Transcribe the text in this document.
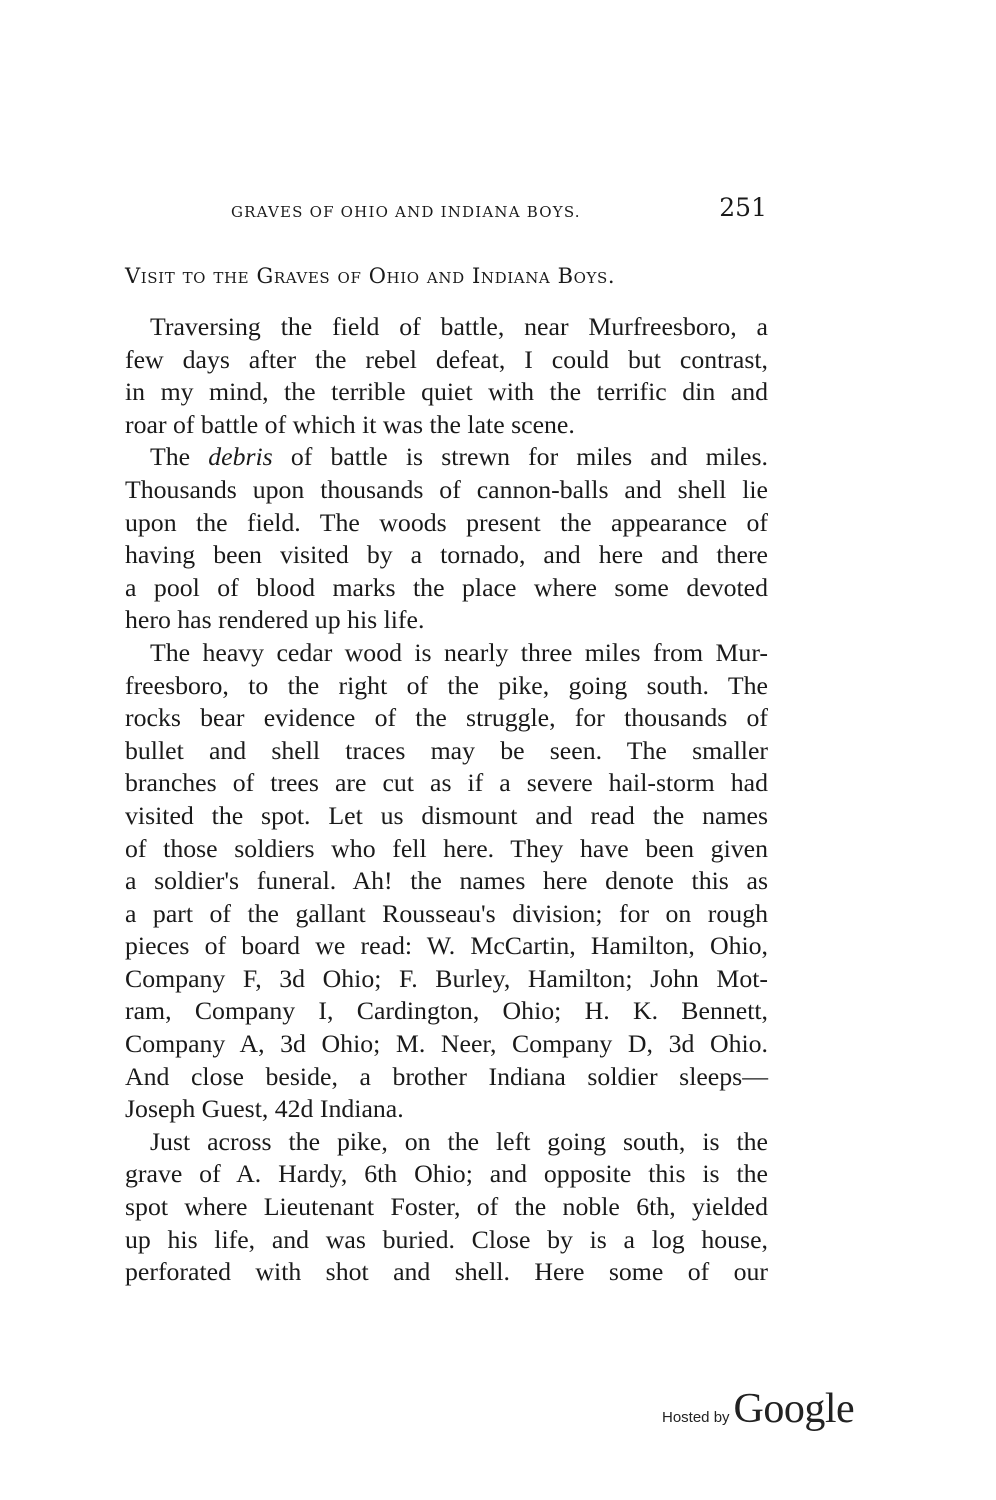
GRAVES OF OHIO AND INDIANA BOYS.	251
Visit to the Graves of Ohio and Indiana Boys.
Traversing the field of battle, near Murfreesboro, a
few days after the rebel defeat, I could but contrast,
in my mind, the terrible quiet with the terrific din and
roar of battle of which it was the late scene.
The debris of battle is strewn for miles and miles.
Thousands upon thousands of cannon-balls and shell lie
upon the field. The woods present the appearance of
having been visited by a tornado, and here and there
a pool of blood marks the place where some devoted
hero has rendered up his life.
The heavy cedar wood is nearly three miles from Mur-
freesboro, to the right of the pike, going south. The
rocks bear evidence of the struggle, for thousands of
bullet and shell traces may be seen. The smaller
branches of trees are cut as if a severe hail-storm had
visited the spot. Let us dismount and read the names
of those soldiers who fell here. They have been given
a soldier's funeral. Ah! the names here denote this as
a part of the gallant Rousseau's division; for on rough
pieces of board we read: W. McCartin, Hamilton, Ohio,
Company F, 3d Ohio; F. Burley, Hamilton; John Mot-
ram, Company I, Cardington, Ohio; H. K. Bennett,
Company A, 3d Ohio; M. Neer, Company D, 3d Ohio.
And close beside, a brother Indiana soldier sleeps—
Joseph Guest, 42d Indiana.
Just across the pike, on the left going south, is the
grave of A. Hardy, 6th Ohio; and opposite this is the
spot where Lieutenant Foster, of the noble 6th, yielded
up his life, and was buried. Close by is a log house,
perforated with shot and shell. Here some of our
Hosted by Google
